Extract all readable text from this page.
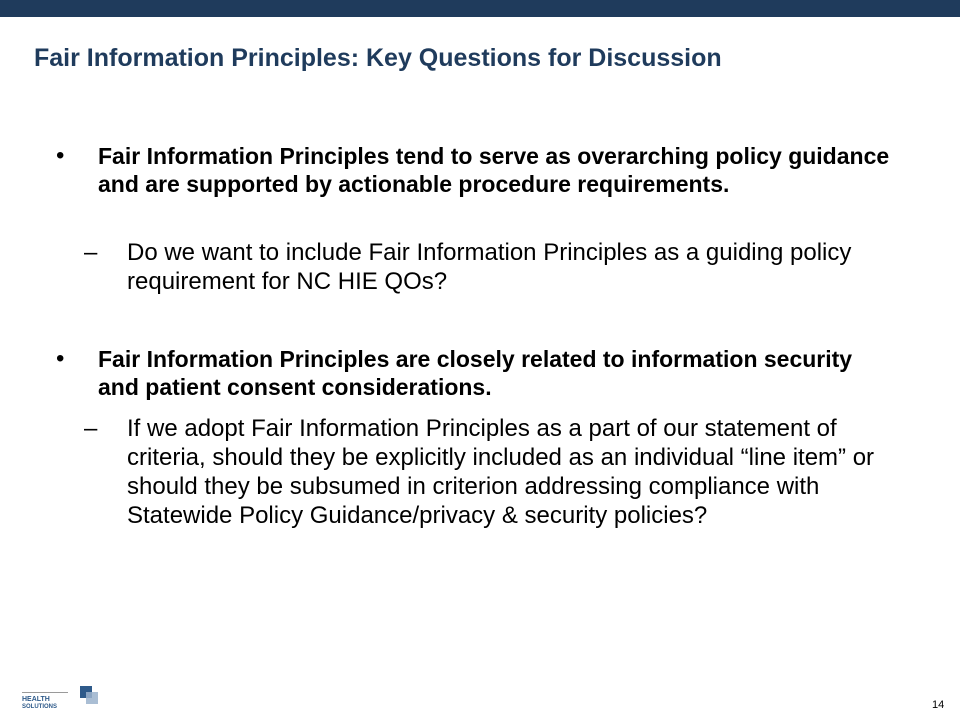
Fair Information Principles: Key Questions for Discussion
• Fair Information Principles tend to serve as overarching policy guidance and are supported by actionable procedure requirements.
– Do we want to include Fair Information Principles as a guiding policy requirement for NC HIE QOs?
• Fair Information Principles are closely related to information security and patient consent considerations.
– If we adopt Fair Information Principles as a part of our statement of criteria, should they be explicitly included as an individual “line item” or should they be subsumed in criterion addressing compliance with Statewide Policy Guidance/privacy & security policies?
HEALTH
SOLUTIONS	14
